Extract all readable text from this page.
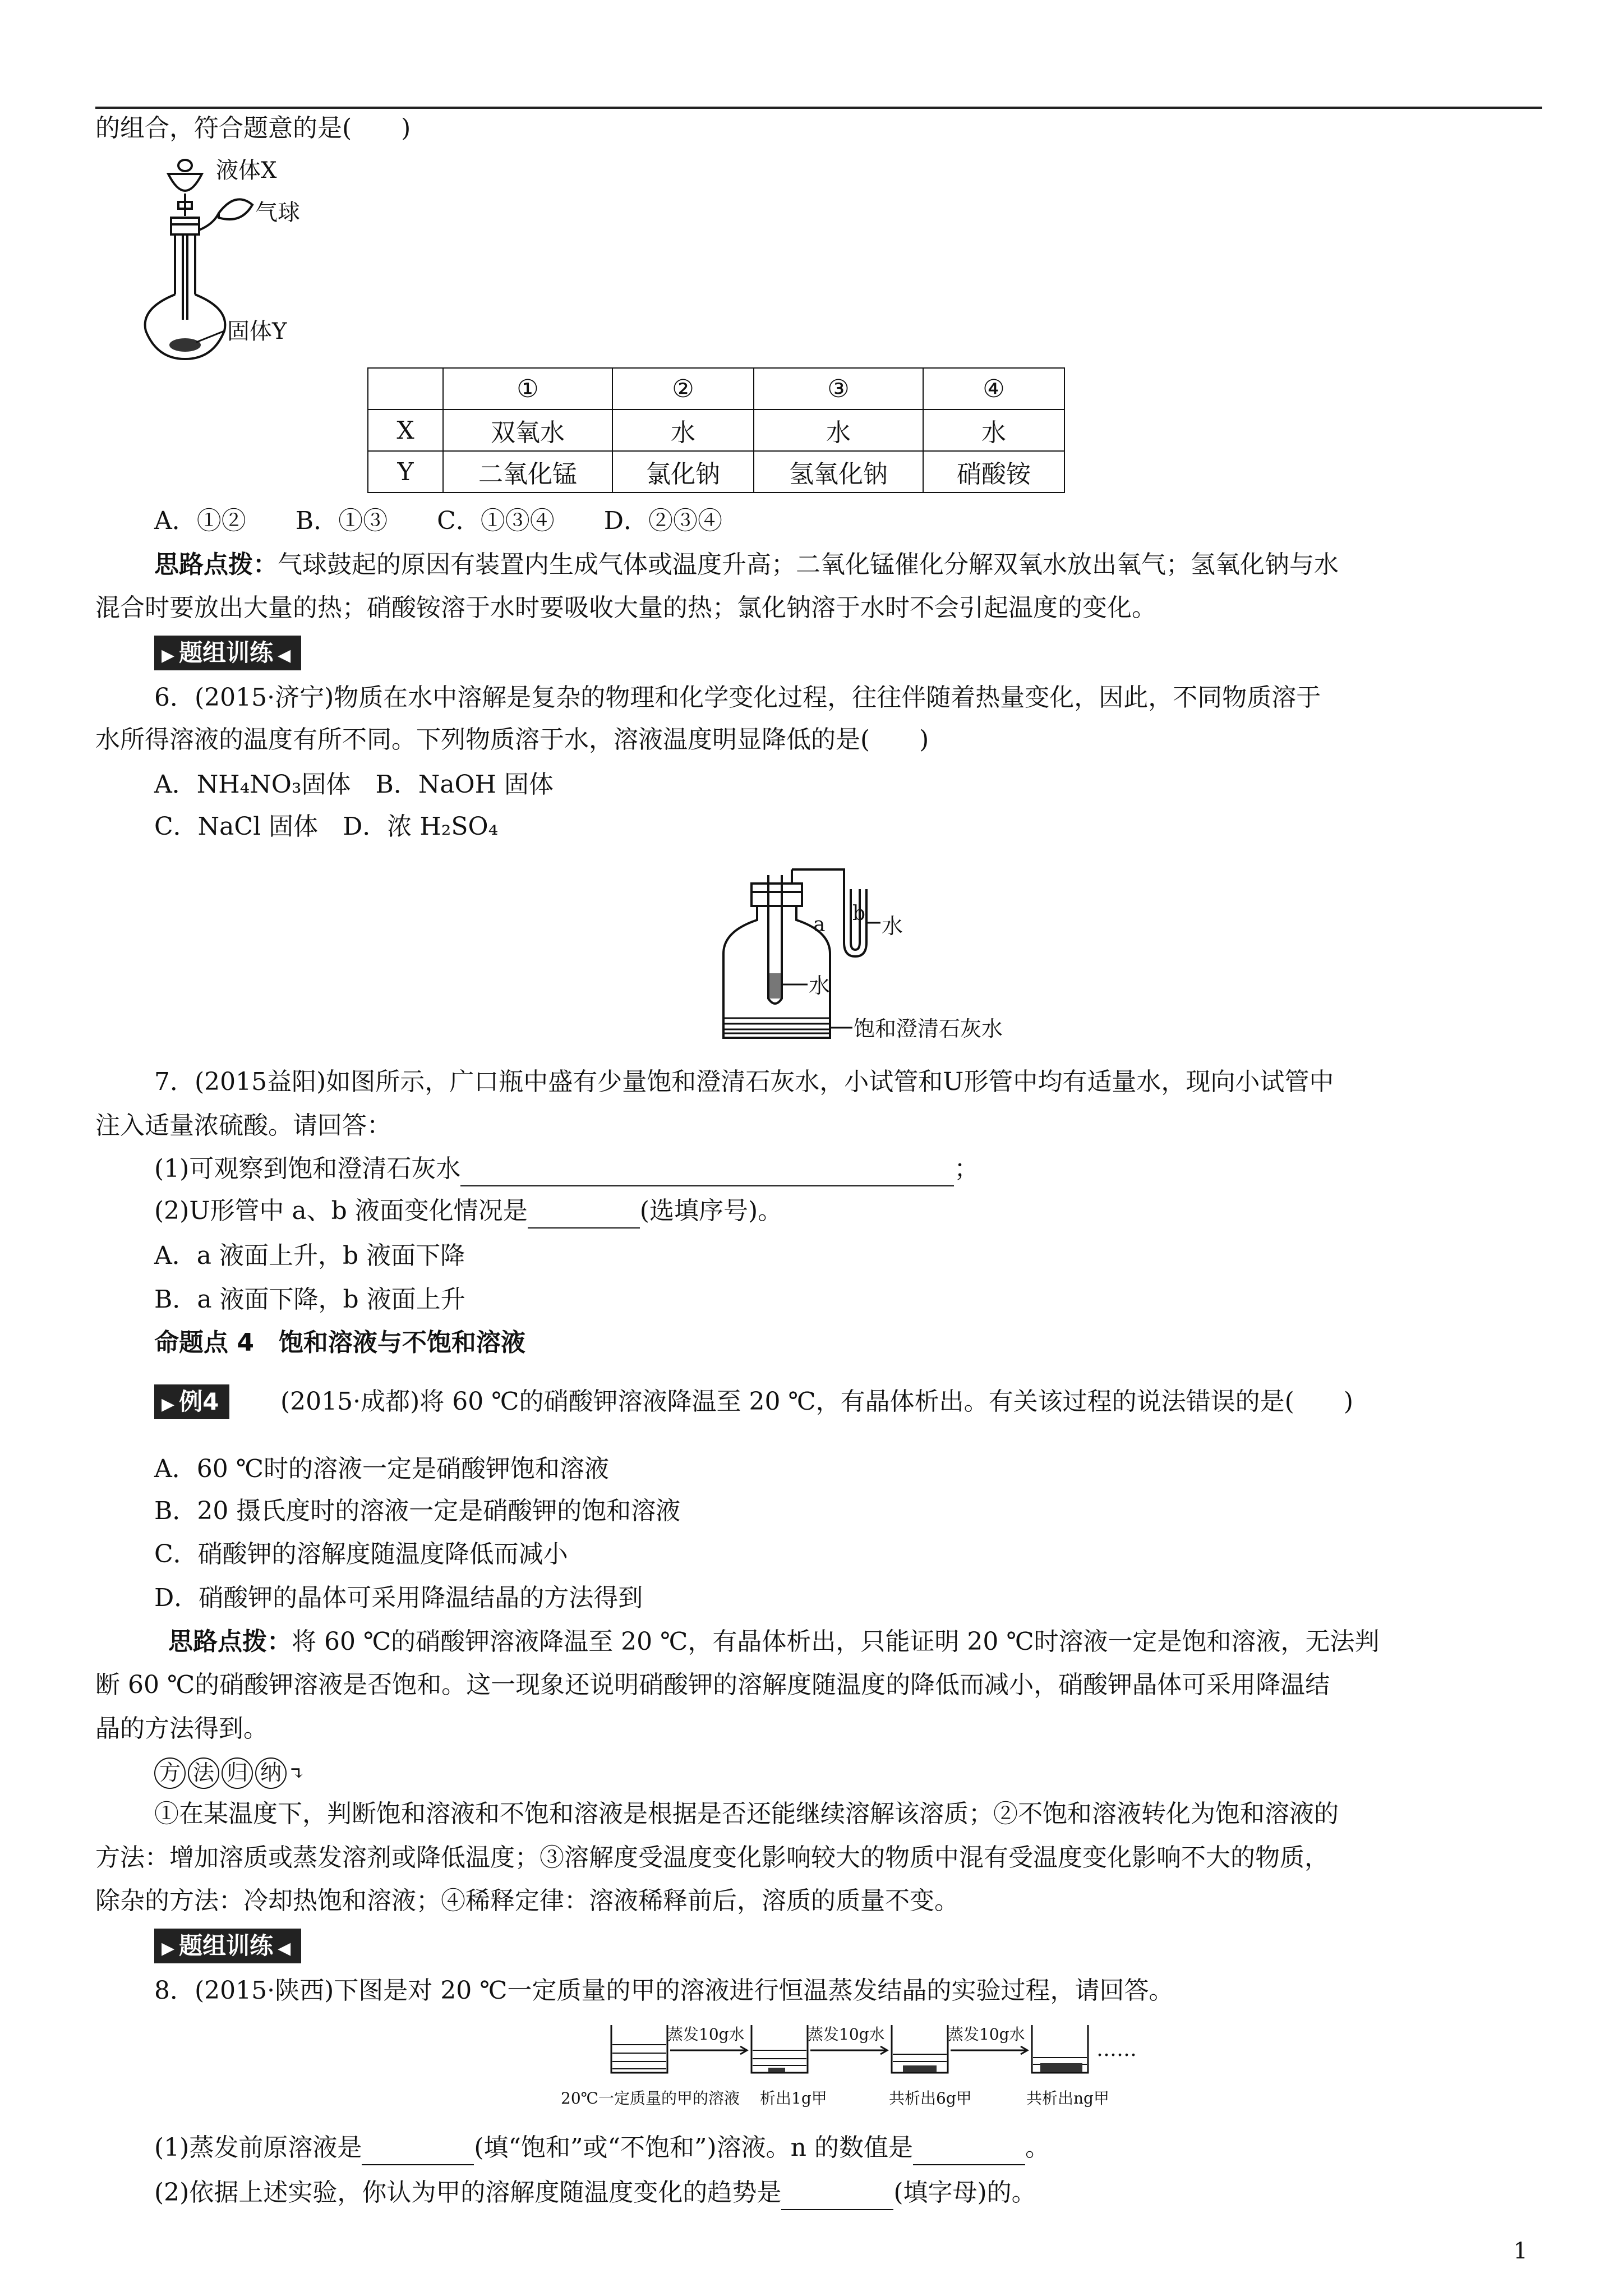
的组合，符合题意的是(　　)
液体X
气球
固体Y
	①	②	③	④
X	双氧水	水	水	水
Y	二氧化锰	氯化钠	氢氧化钠	硝酸铵
A．①②　　B．①③　　C．①③④　　D．②③④
思路点拨：气球鼓起的原因有装置内生成气体或温度升高；二氧化锰催化分解双氧水放出氧气；氢氧化钠与水
混合时要放出大量的热；硝酸铵溶于水时要吸收大量的热；氯化钠溶于水时不会引起温度的变化。
▶ 题组训练 ◀
6．(2015·济宁)物质在水中溶解是复杂的物理和化学变化过程，往往伴随着热量变化，因此，不同物质溶于
水所得溶液的温度有所不同。下列物质溶于水，溶液温度明显降低的是(　　)
A．NH₄NO₃固体　B．NaOH 固体
C．NaCl 固体　D．浓 H₂SO₄
a b
水
水
饱和澄清石灰水
7．(2015益阳)如图所示，广口瓶中盛有少量饱和澄清石灰水，小试管和U形管中均有适量水，现向小试管中
注入适量浓硫酸。请回答：
(1)可观察到饱和澄清石灰水	；
(2)U形管中 a、b 液面变化情况是	(选填序号)。
A．a 液面上升，b 液面下降
B．a 液面下降，b 液面上升
命题点 4　饱和溶液与不饱和溶液
▶ 例4	(2015·成都)将 60 ℃的硝酸钾溶液降温至 20 ℃，有晶体析出。有关该过程的说法错误的是(　　)
A．60 ℃时的溶液一定是硝酸钾饱和溶液
B．20 摄氏度时的溶液一定是硝酸钾的饱和溶液
C．硝酸钾的溶解度随温度降低而减小
D．硝酸钾的晶体可采用降温结晶的方法得到
思路点拨：将 60 ℃的硝酸钾溶液降温至 20 ℃，有晶体析出，只能证明 20 ℃时溶液一定是饱和溶液，无法判
断 60 ℃的硝酸钾溶液是否饱和。这一现象还说明硝酸钾的溶解度随温度的降低而减小，硝酸钾晶体可采用降温结
晶的方法得到。
方 法 归 纳 ↴
①在某温度下，判断饱和溶液和不饱和溶液是根据是否还能继续溶解该溶质；②不饱和溶液转化为饱和溶液的
方法：增加溶质或蒸发溶剂或降低温度；③溶解度受温度变化影响较大的物质中混有受温度变化影响不大的物质，
除杂的方法：冷却热饱和溶液；④稀释定律：溶液稀释前后，溶质的质量不变。
▶ 题组训练 ◀
8．(2015·陕西)下图是对 20 ℃一定质量的甲的溶液进行恒温蒸发结晶的实验过程，请回答。
蒸发10g水	蒸发10g水	蒸发10g水
……
20℃一定质量的甲的溶液 析出1g甲	共析出6g甲	共析出ng甲
(1)蒸发前原溶液是	(填“饱和”或“不饱和”)溶液。n 的数值是	。
(2)依据上述实验，你认为甲的溶解度随温度变化的趋势是	(填字母)的。
1
